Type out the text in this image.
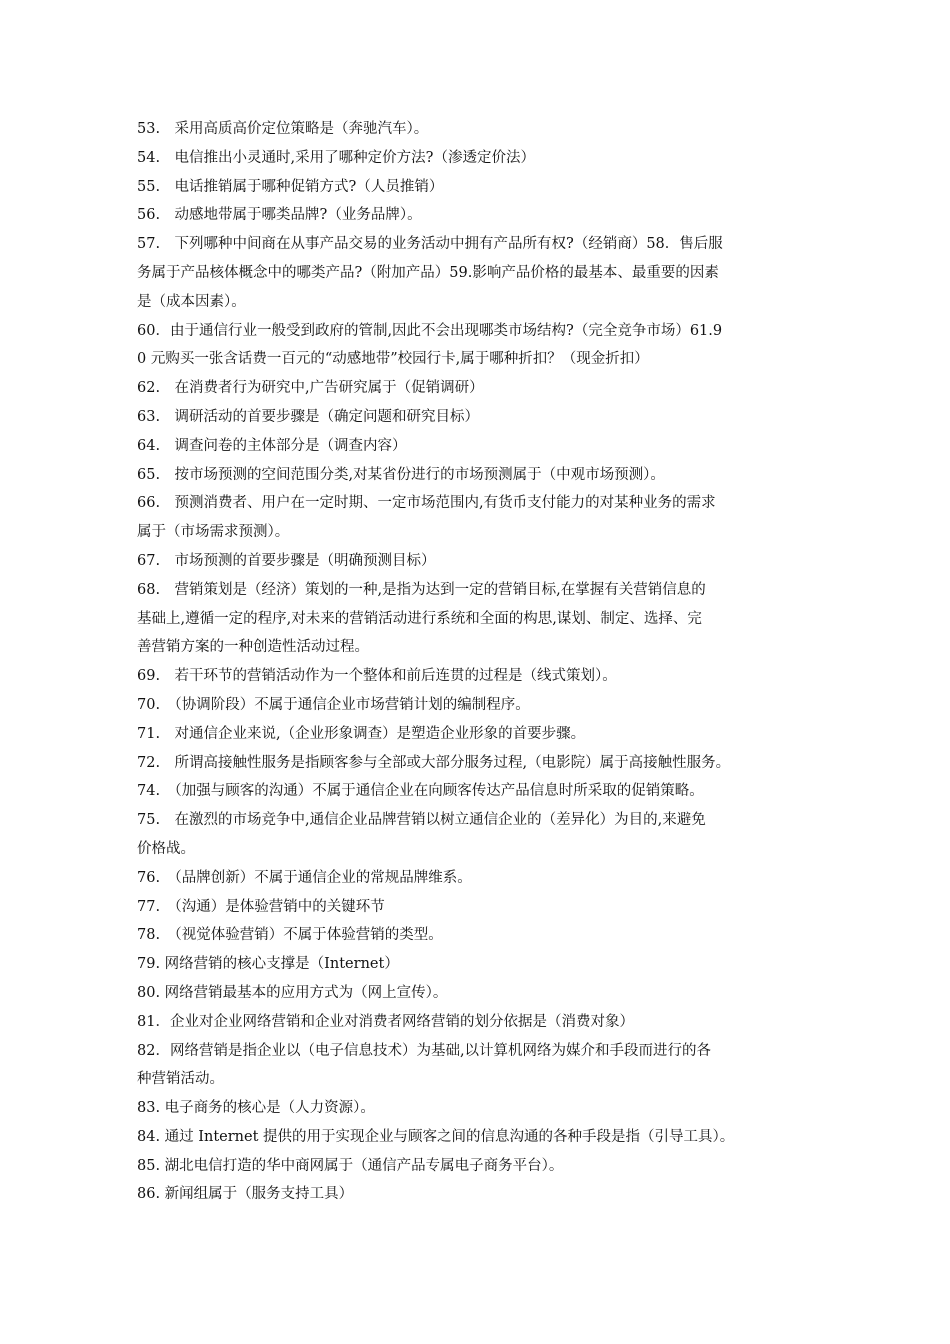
53.　采用高质高价定位策略是（奔驰汽车）。
54.　电信推出小灵通时,采用了哪种定价方法?（渗透定价法）
55.　电话推销属于哪种促销方式?（人员推销）
56.　动感地带属于哪类品牌?（业务品牌）。
57.　下列哪种中间商在从事产品交易的业务活动中拥有产品所有权?（经销商）58．售后服
务属于产品核体概念中的哪类产品?（附加产品）59.影响产品价格的最基本、最重要的因素
是（成本因素）。
60．由于通信行业一般受到政府的管制,因此不会出现哪类市场结构?（完全竞争市场）61.9
0 元购买一张含话费一百元的“动感地带”校园行卡,属于哪种折扣？（现金折扣）
62.　在消费者行为研究中,广告研究属于（促销调研）
63.　调研活动的首要步骤是（确定问题和研究目标）
64.　调查问卷的主体部分是（调查内容）
65.　按市场预测的空间范围分类,对某省份进行的市场预测属于（中观市场预测）。
66.　预测消费者、用户在一定时期、一定市场范围内,有货币支付能力的对某种业务的需求
属于（市场需求预测）。
67.　市场预测的首要步骤是（明确预测目标）
68.　营销策划是（经济）策划的一种,是指为达到一定的营销目标,在掌握有关营销信息的
基础上,遵循一定的程序,对未来的营销活动进行系统和全面的构思,谋划、制定、选择、完
善营销方案的一种创造性活动过程。
69.　若干环节的营销活动作为一个整体和前后连贯的过程是（线式策划）。
70.　（协调阶段）不属于通信企业市场营销计划的编制程序。
71.　对通信企业来说,（企业形象调查）是塑造企业形象的首要步骤。
72.　所谓高接触性服务是指顾客参与全部或大部分服务过程,（电影院）属于高接触性服务。
74.　（加强与顾客的沟通）不属于通信企业在向顾客传达产品信息时所采取的促销策略。
75.　在激烈的市场竞争中,通信企业品牌营销以树立通信企业的（差异化）为目的,来避免
价格战。
76.　（品牌创新）不属于通信企业的常规品牌维系。
77.　（沟通）是体验营销中的关键环节
78.　（视觉体验营销）不属于体验营销的类型。
79. 网络营销的核心支撑是（Internet）
80. 网络营销最基本的应用方式为（网上宣传）。
81．企业对企业网络营销和企业对消费者网络营销的划分依据是（消费对象）
82．网络营销是指企业以（电子信息技术）为基础,以计算机网络为媒介和手段而进行的各
种营销活动。
83. 电子商务的核心是（人力资源）。
84. 通过 Internet 提供的用于实现企业与顾客之间的信息沟通的各种手段是指（引导工具）。
85. 湖北电信打造的华中商网属于（通信产品专属电子商务平台）。
86. 新闻组属于（服务支持工具）
